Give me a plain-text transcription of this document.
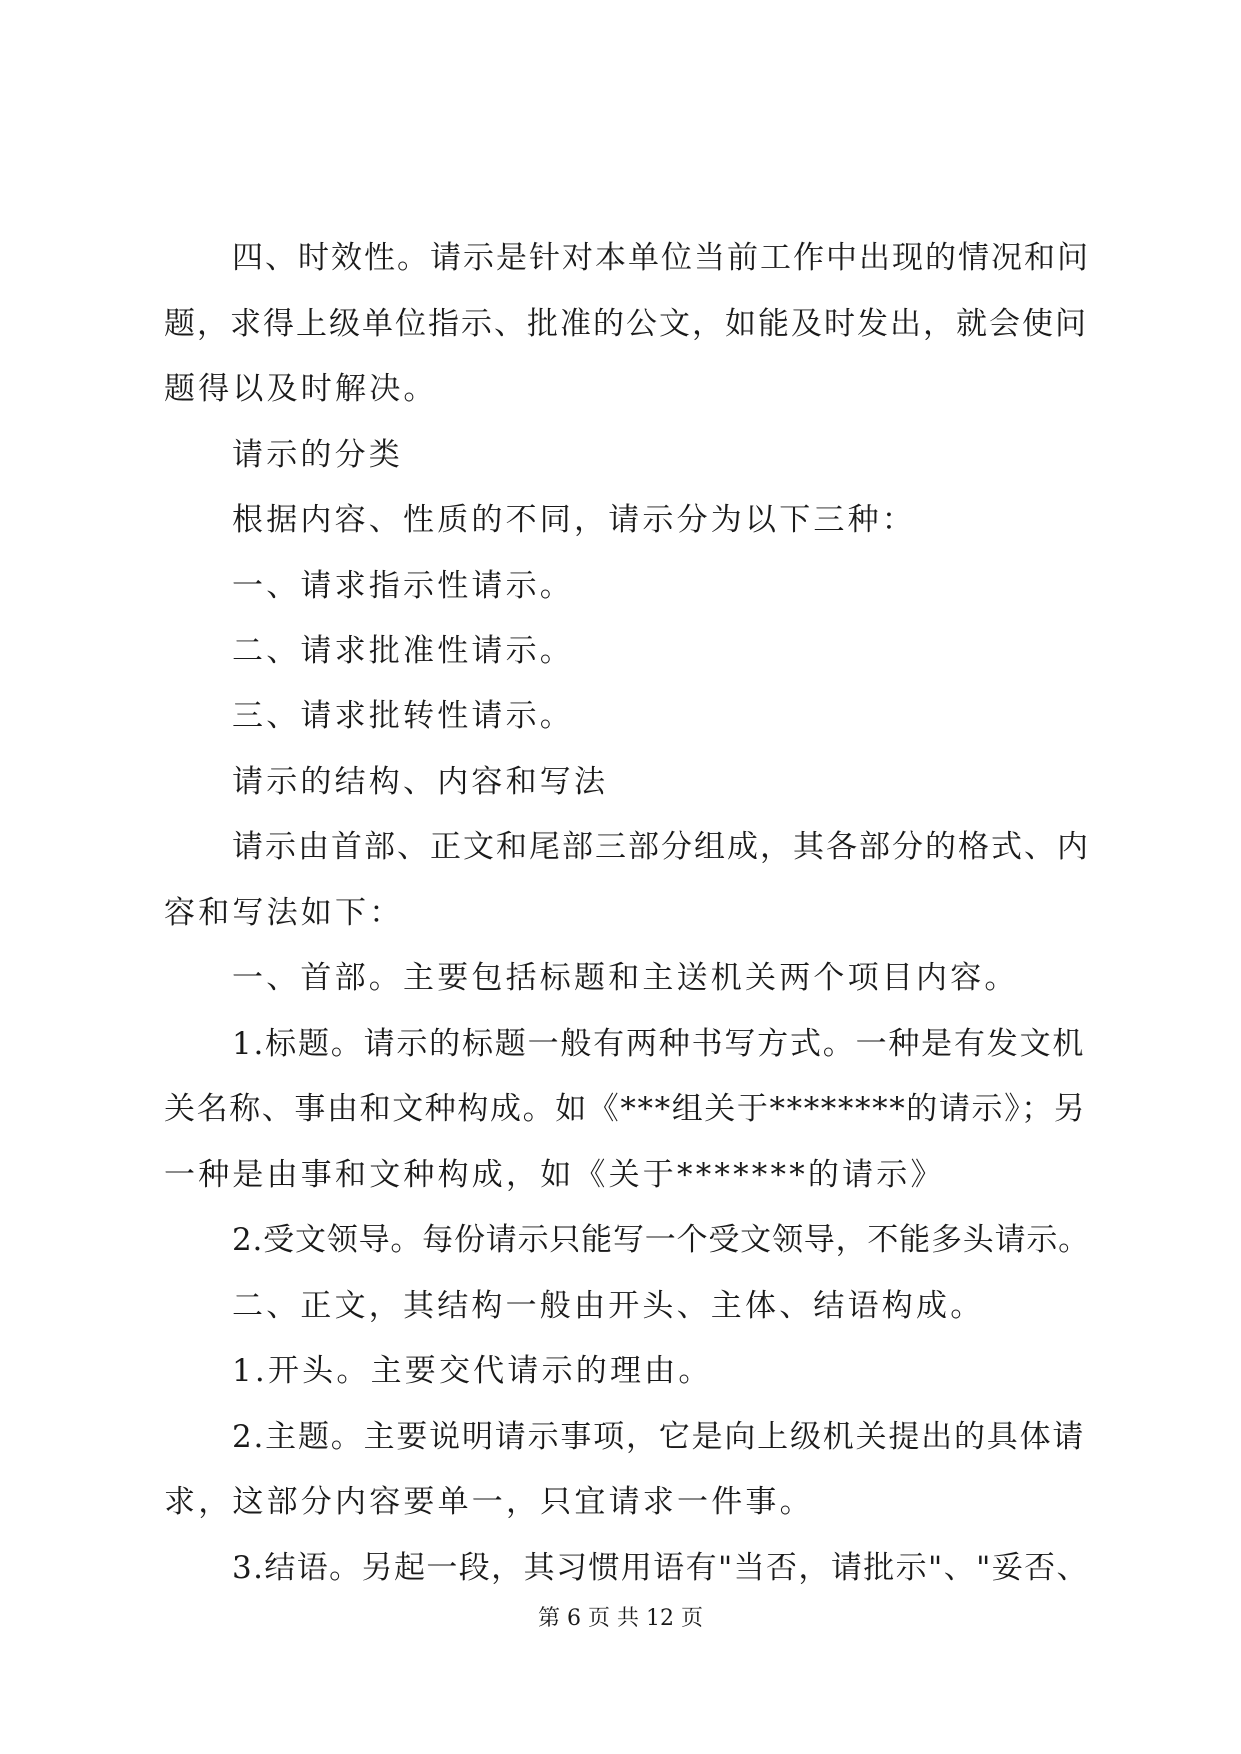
四、时效性。请示是针对本单位当前工作中出现的情况和问
题，求得上级单位指示、批准的公文，如能及时发出，就会使问
题得以及时解决。
请示的分类
根据内容、性质的不同，请示分为以下三种：
一、请求指示性请示。
二、请求批准性请示。
三、请求批转性请示。
请示的结构、内容和写法
请示由首部、正文和尾部三部分组成，其各部分的格式、内
容和写法如下：
一、首部。主要包括标题和主送机关两个项目内容。
1.标题。请示的标题一般有两种书写方式。一种是有发文机
关名称、事由和文种构成。如《***组关于********的请示》；另
一种是由事和文种构成，如《关于*******的请示》
2.受文领导。每份请示只能写一个受文领导，不能多头请示。
二、正文，其结构一般由开头、主体、结语构成。
1.开头。主要交代请示的理由。
2.主题。主要说明请示事项，它是向上级机关提出的具体请
求，这部分内容要单一，只宜请求一件事。
3.结语。另起一段，其习惯用语有"当否，请批示"、"妥否、
第 6 页 共 12 页
